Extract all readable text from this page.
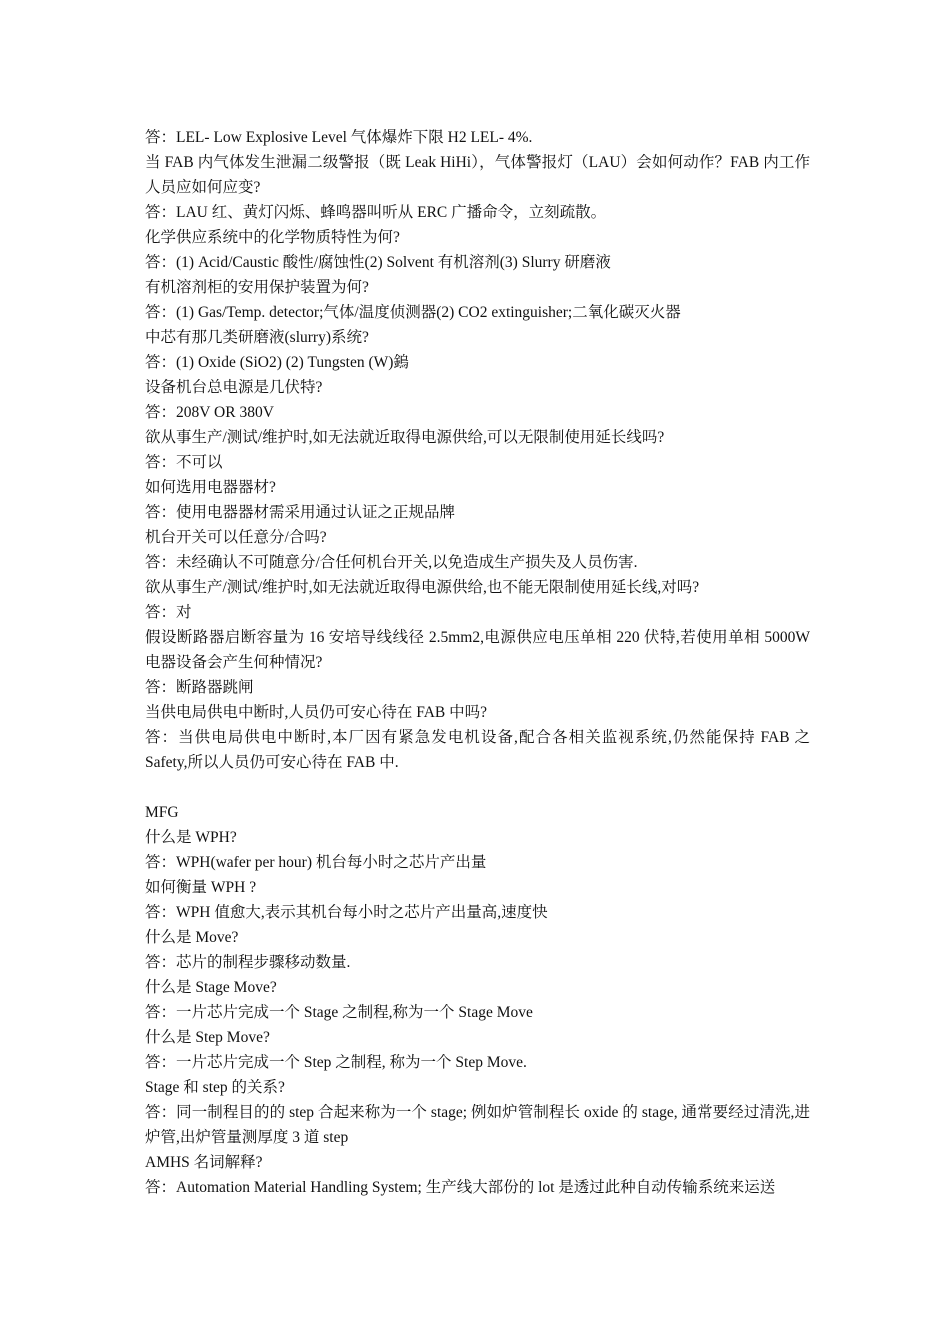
答：LEL- Low Explosive Level 气体爆炸下限 H2 LEL- 4%.

当 FAB 内气体发生泄漏二级警报（既 Leak HiHi），气体警报灯（LAU）会如何动作？FAB 内工作人员应如何应变?

答：LAU 红、黄灯闪烁、蜂鸣器叫听从 ERC 广播命令，立刻疏散。

化学供应系统中的化学物质特性为何?

答：(1) Acid/Caustic 酸性/腐蚀性(2) Solvent 有机溶剂(3) Slurry 研磨液

有机溶剂柜的安用保护装置为何?

答：(1) Gas/Temp. detector;气体/温度侦测器(2) CO2 extinguisher;二氧化碳灭火器

中芯有那几类研磨液(slurry)系统?

答：(1) Oxide (SiO2) (2) Tungsten (W)鎢

设备机台总电源是几伏特?

答：208V OR 380V

欲从事生产/测试/维护时,如无法就近取得电源供给,可以无限制使用延长线吗?

答：不可以

如何选用电器器材?

答：使用电器器材需采用通过认证之正规品牌

机台开关可以任意分/合吗?

答：未经确认不可随意分/合任何机台开关,以免造成生产损失及人员伤害.

欲从事生产/测试/维护时,如无法就近取得电源供给,也不能无限制使用延长线,对吗?

答：对

假设断路器启断容量为 16 安培导线线径 2.5mm2,电源供应电压单相 220 伏特,若使用单相 5000W 电器设备会产生何种情况?

答：断路器跳闸

当供电局供电中断时,人员仍可安心待在 FAB 中吗?

答：当供电局供电中断时,本厂因有紧急发电机设备,配合各相关监视系统,仍然能保持 FAB 之 Safety,所以人员仍可安心待在 FAB 中.

MFG

什么是 WPH?

答：WPH(wafer per hour) 机台每小时之芯片产出量

如何衡量 WPH ?

答：WPH 值愈大,表示其机台每小时之芯片产出量高,速度快

什么是 Move?

答：芯片的制程步骤移动数量.

什么是 Stage Move?

答：一片芯片完成一个 Stage 之制程,称为一个 Stage Move

什么是 Step Move?

答：一片芯片完成一个 Step 之制程, 称为一个 Step Move.

Stage 和 step 的关系?

答：同一制程目的的 step 合起来称为一个 stage; 例如炉管制程长 oxide 的 stage, 通常要经过清洗,进炉管,出炉管量测厚度 3 道 step

AMHS 名词解释?

答：Automation Material Handling System; 生产线大部份的 lot 是透过此种自动传输系统来运送
